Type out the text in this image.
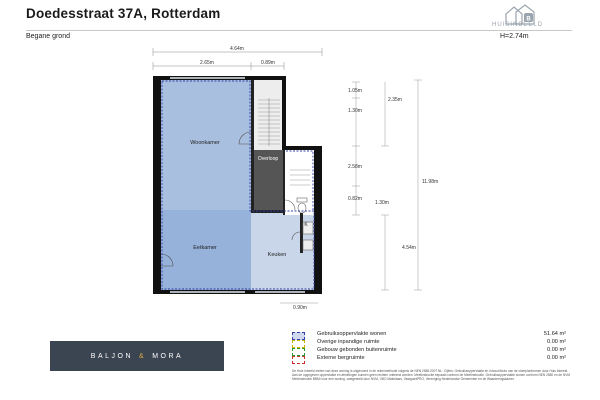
Doedesstraat 37A, Rotterdam	B
HUISINBEELD
Begane grond	H=2.74m
Woonkamer
Overloop
Eetkamer
Keuken
K
4.64m
2.65m	0.89m
0.90m
1.05m
1.30m
2.35m
2.58m
0.82m
1.30m
4.54m
11.98m
BALJON & MORA
Gebruiksoppervlakte wonen	51.64 m²
Overige inpandige ruimte	0.00 m²
Gebouw gebonden buitenruimte	0.00 m²
Externe bergruimte	0.00 m²
De Huis Inbeeld meten van deze woning is uitgevoerd in de rekenmethode volgens de NEN 2580:2007 NL. Cijfers: Gebruiksoppervlakte en Inhoud/bruto van de vloerplanformen door Huis Inbeeld. Aan de opgegeven oppervlakte en afmetingen kunnen geen rechten ontleend worden. Meetinstructie bepaald conform de Meetinstructie. Gebruiksoppervlakte wonen conform NEN 2580 en de NVM Meetinstructie BBMI voor een woning, vastgesteld door NVM, VBO Makelaars, VastgoedPRO, Vereniging Nederlandse Gemeenten en de Waarderingskamer.
